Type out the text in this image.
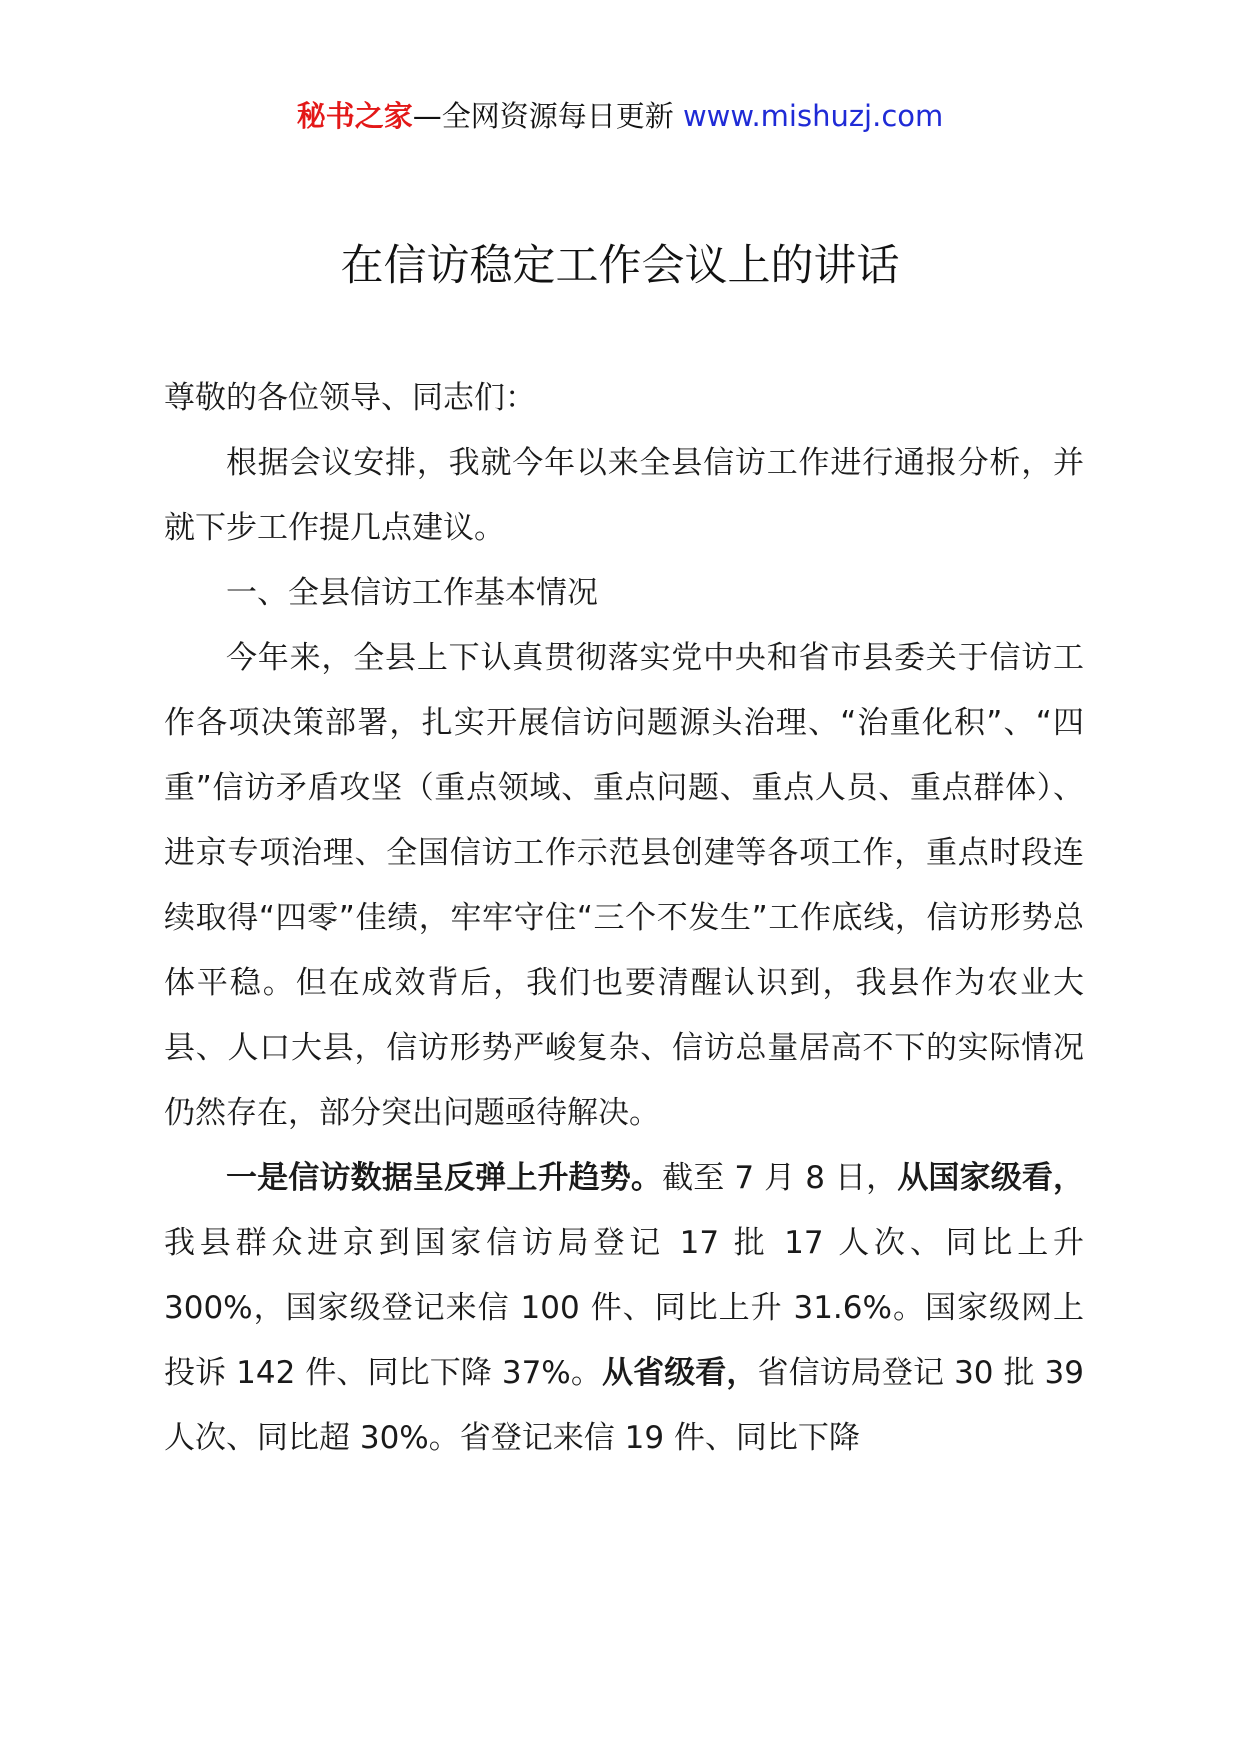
秘书之家—全网资源每日更新 www.mishuzj.com
在信访稳定工作会议上的讲话

尊敬的各位领导、同志们：

根据会议安排，我就今年以来全县信访工作进行通报分析，并就下步工作提几点建议。

一、全县信访工作基本情况

今年来，全县上下认真贯彻落实党中央和省市县委关于信访工作各项决策部署，扎实开展信访问题源头治理、“治重化积”、“四重”信访矛盾攻坚（重点领域、重点问题、重点人员、重点群体）、进京专项治理、全国信访工作示范县创建等各项工作，重点时段连续取得“四零”佳绩，牢牢守住“三个不发生”工作底线，信访形势总体平稳。但在成效背后，我们也要清醒认识到，我县作为农业大县、人口大县，信访形势严峻复杂、信访总量居高不下的实际情况仍然存在，部分突出问题亟待解决。

一是信访数据呈反弹上升趋势。截至 7 月 8 日，从国家级看，我县群众进京到国家信访局登记 17 批 17 人次、同比上升 300%，国家级登记来信 100 件、同比上升 31.6%。国家级网上投诉 142 件、同比下降 37%。从省级看，省信访局登记 30 批 39 人次、同比超 30%。省登记来信 19 件、同比下降
